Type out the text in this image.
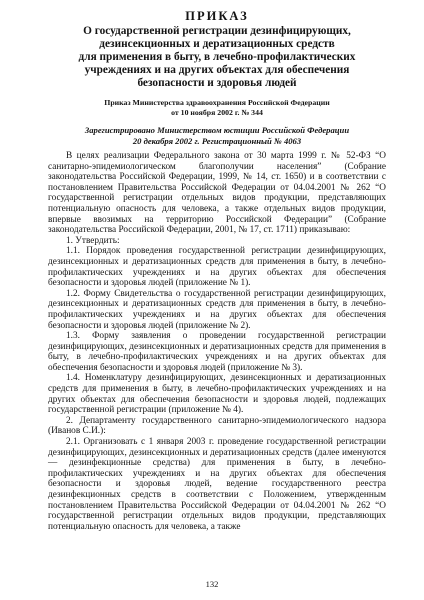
ПРИКАЗ
О государственной регистрации дезинфицирующих,
дезинсекционных и дератизационных средств
для применения в быту, в лечебно-профилактических
учреждениях и на других объектах для обеспечения
безопасности и здоровья людей
Приказ Министерства здравоохранения Российской Федерации
от 10 ноября 2002 г. № 344
Зарегистрировано Министерством юстиции Российской Федерации
20 декабря 2002 г. Регистрационный № 4063

В целях реализации Федерального закона от 30 марта 1999 г. № 52-ФЗ “О санитарно-эпидемиологическом благополучии населения” (Собрание законодательства Российской Федерации, 1999, № 14, ст. 1650) и в соответствии с постановлением Правительства Российской Федерации от 04.04.2001 № 262 “О государственной регистрации отдельных видов продукции, представляющих потенциальную опасность для человека, а также отдельных видов продукции, впервые ввозимых на территорию Российской Федерации” (Собрание законодательства Российской Федерации, 2001, № 17, ст. 1711) приказываю:

1. Утвердить:

1.1. Порядок проведения государственной регистрации дезинфицирующих, дезинсекционных и дератизационных средств для применения в быту, в лечебно-профилактических учреждениях и на других объектах для обеспечения безопасности и здоровья людей (приложение № 1).

1.2. Форму Свидетельства о государственной регистрации дезинфицирующих, дезинсекционных и дератизационных средств для применения в быту, в лечебно-профилактических учреждениях и на других объектах для обеспечения безопасности и здоровья людей (приложение № 2).

1.3. Форму заявления о проведении государственной регистрации дезинфицирующих, дезинсекционных и дератизационных средств для применения в быту, в лечебно-профилактических учреждениях и на других объектах для обеспечения безопасности и здоровья людей (приложение № 3).

1.4. Номенклатуру дезинфицирующих, дезинсекционных и дератизационных средств для применения в быту, в лечебно-профилактических учреждениях и на других объектах для обеспечения безопасности и здоровья людей, подлежащих государственной регистрации (приложение № 4).

2. Департаменту государственного санитарно-эпидемиологического надзора (Иванов С.И.):

2.1. Организовать с 1 января 2003 г. проведение государственной регистрации дезинфицирующих, дезинсекционных и дератизационных средств (далее именуются — дезинфекционные средства) для применения в быту, в лечебно-профилактических учреждениях и на других объектах для обеспечения безопасности и здоровья людей, ведение государственного реестра дезинфекционных средств в соответствии с Положением, утвержденным постановлением Правительства Российской Федерации от 04.04.2001 № 262 “О государственной регистрации отдельных видов продукции, представляющих потенциальную опасность для человека, а также

132
